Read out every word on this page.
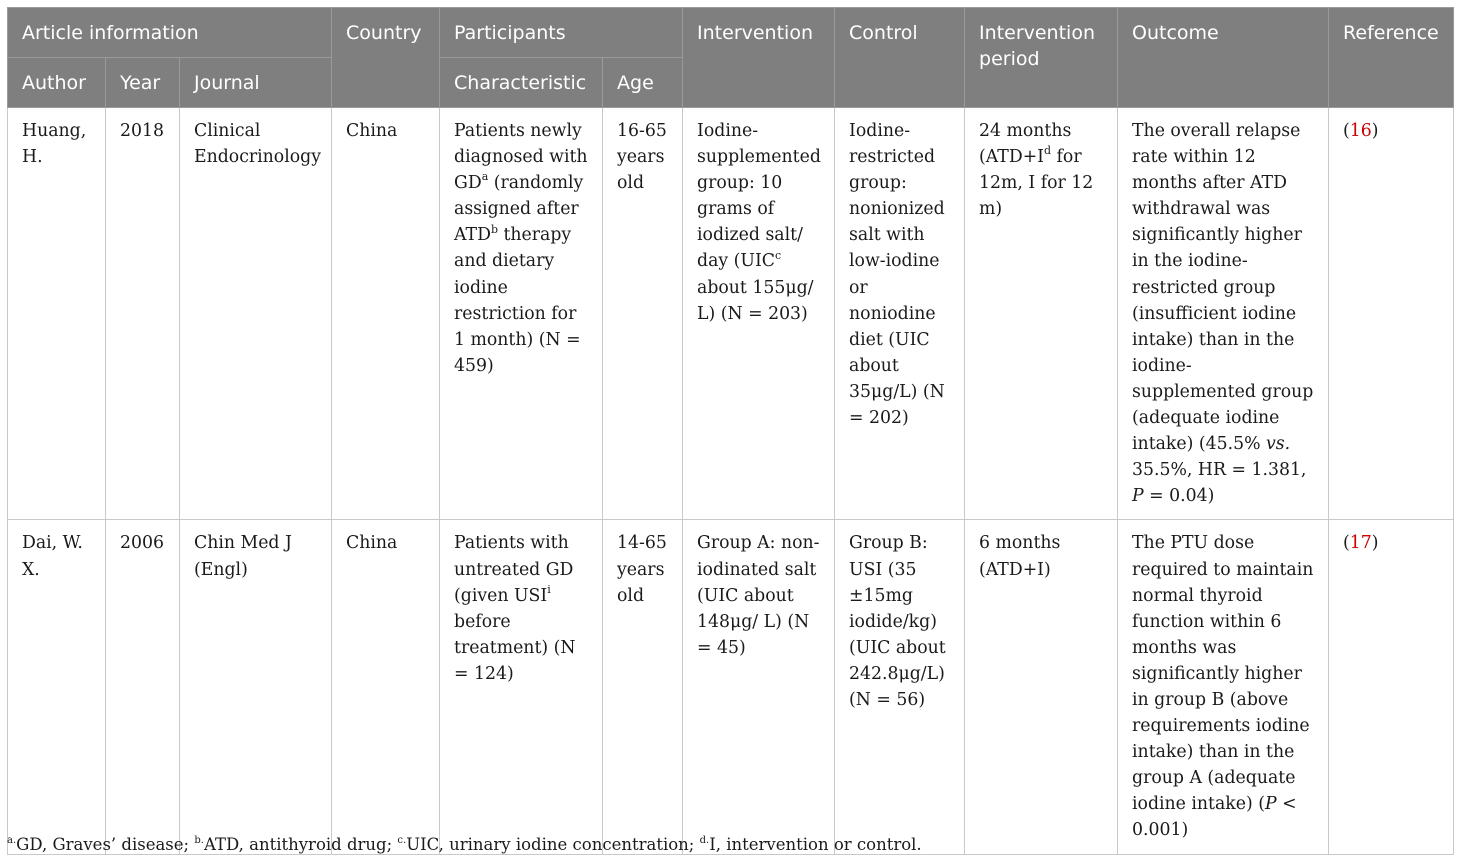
Article information			Country	Participants		Intervention	Control	Intervention period	Outcome	Reference
Author	Year	Journal		Characteristic	Age					
Huang, H.	2018	Clinical Endocrinology	China	Patients newly diagnosed with $GD^a$ (randomly assigned after ATD$^b$ therapy and dietary iodine restriction for 1 month) (N = 459)	16-65 years old	Iodine-supplemented group: 10 grams of iodized salt/ day (UIC$^c$ about 155μg/ L) (N = 203)	Iodine-restricted group: nonionized salt with low-iodine or noniodine diet (UIC about 35μg/L) (N = 202)	24 months ($ATD+I^d$ for 12m, I for 12 m)	The overall relapse rate within 12 months after ATD withdrawal was significantly higher in the iodine-restricted group (insufficient iodine intake) than in the iodine-supplemented group (adequate iodine intake) (45.5% vs. 35.5%, HR = 1.381, P = 0.04)	(16)
Dai, W. X.	2006	Chin Med J (Engl)	China	Patients with untreated GD (given USI$^i$ before treatment) (N = 124)	14-65 years old	Group A: non-iodinated salt (UIC about 148μg/ L) (N = 45)	Group B: USI (35 ±15mg iodide/kg) (UIC about 242.8μg/L) (N = 56)	6 months (ATD+I)	The PTU dose required to maintain normal thyroid function within 6 months was significantly higher in group B (above requirements iodine intake) than in the group A (adequate iodine intake) (P < 0.001)	(17)
$^{a.}$GD, Graves’ disease; $^{b.}$ATD, antithyroid drug; $^{c.}$UIC, urinary iodine concentration; $^{d.}$I, intervention or control.
